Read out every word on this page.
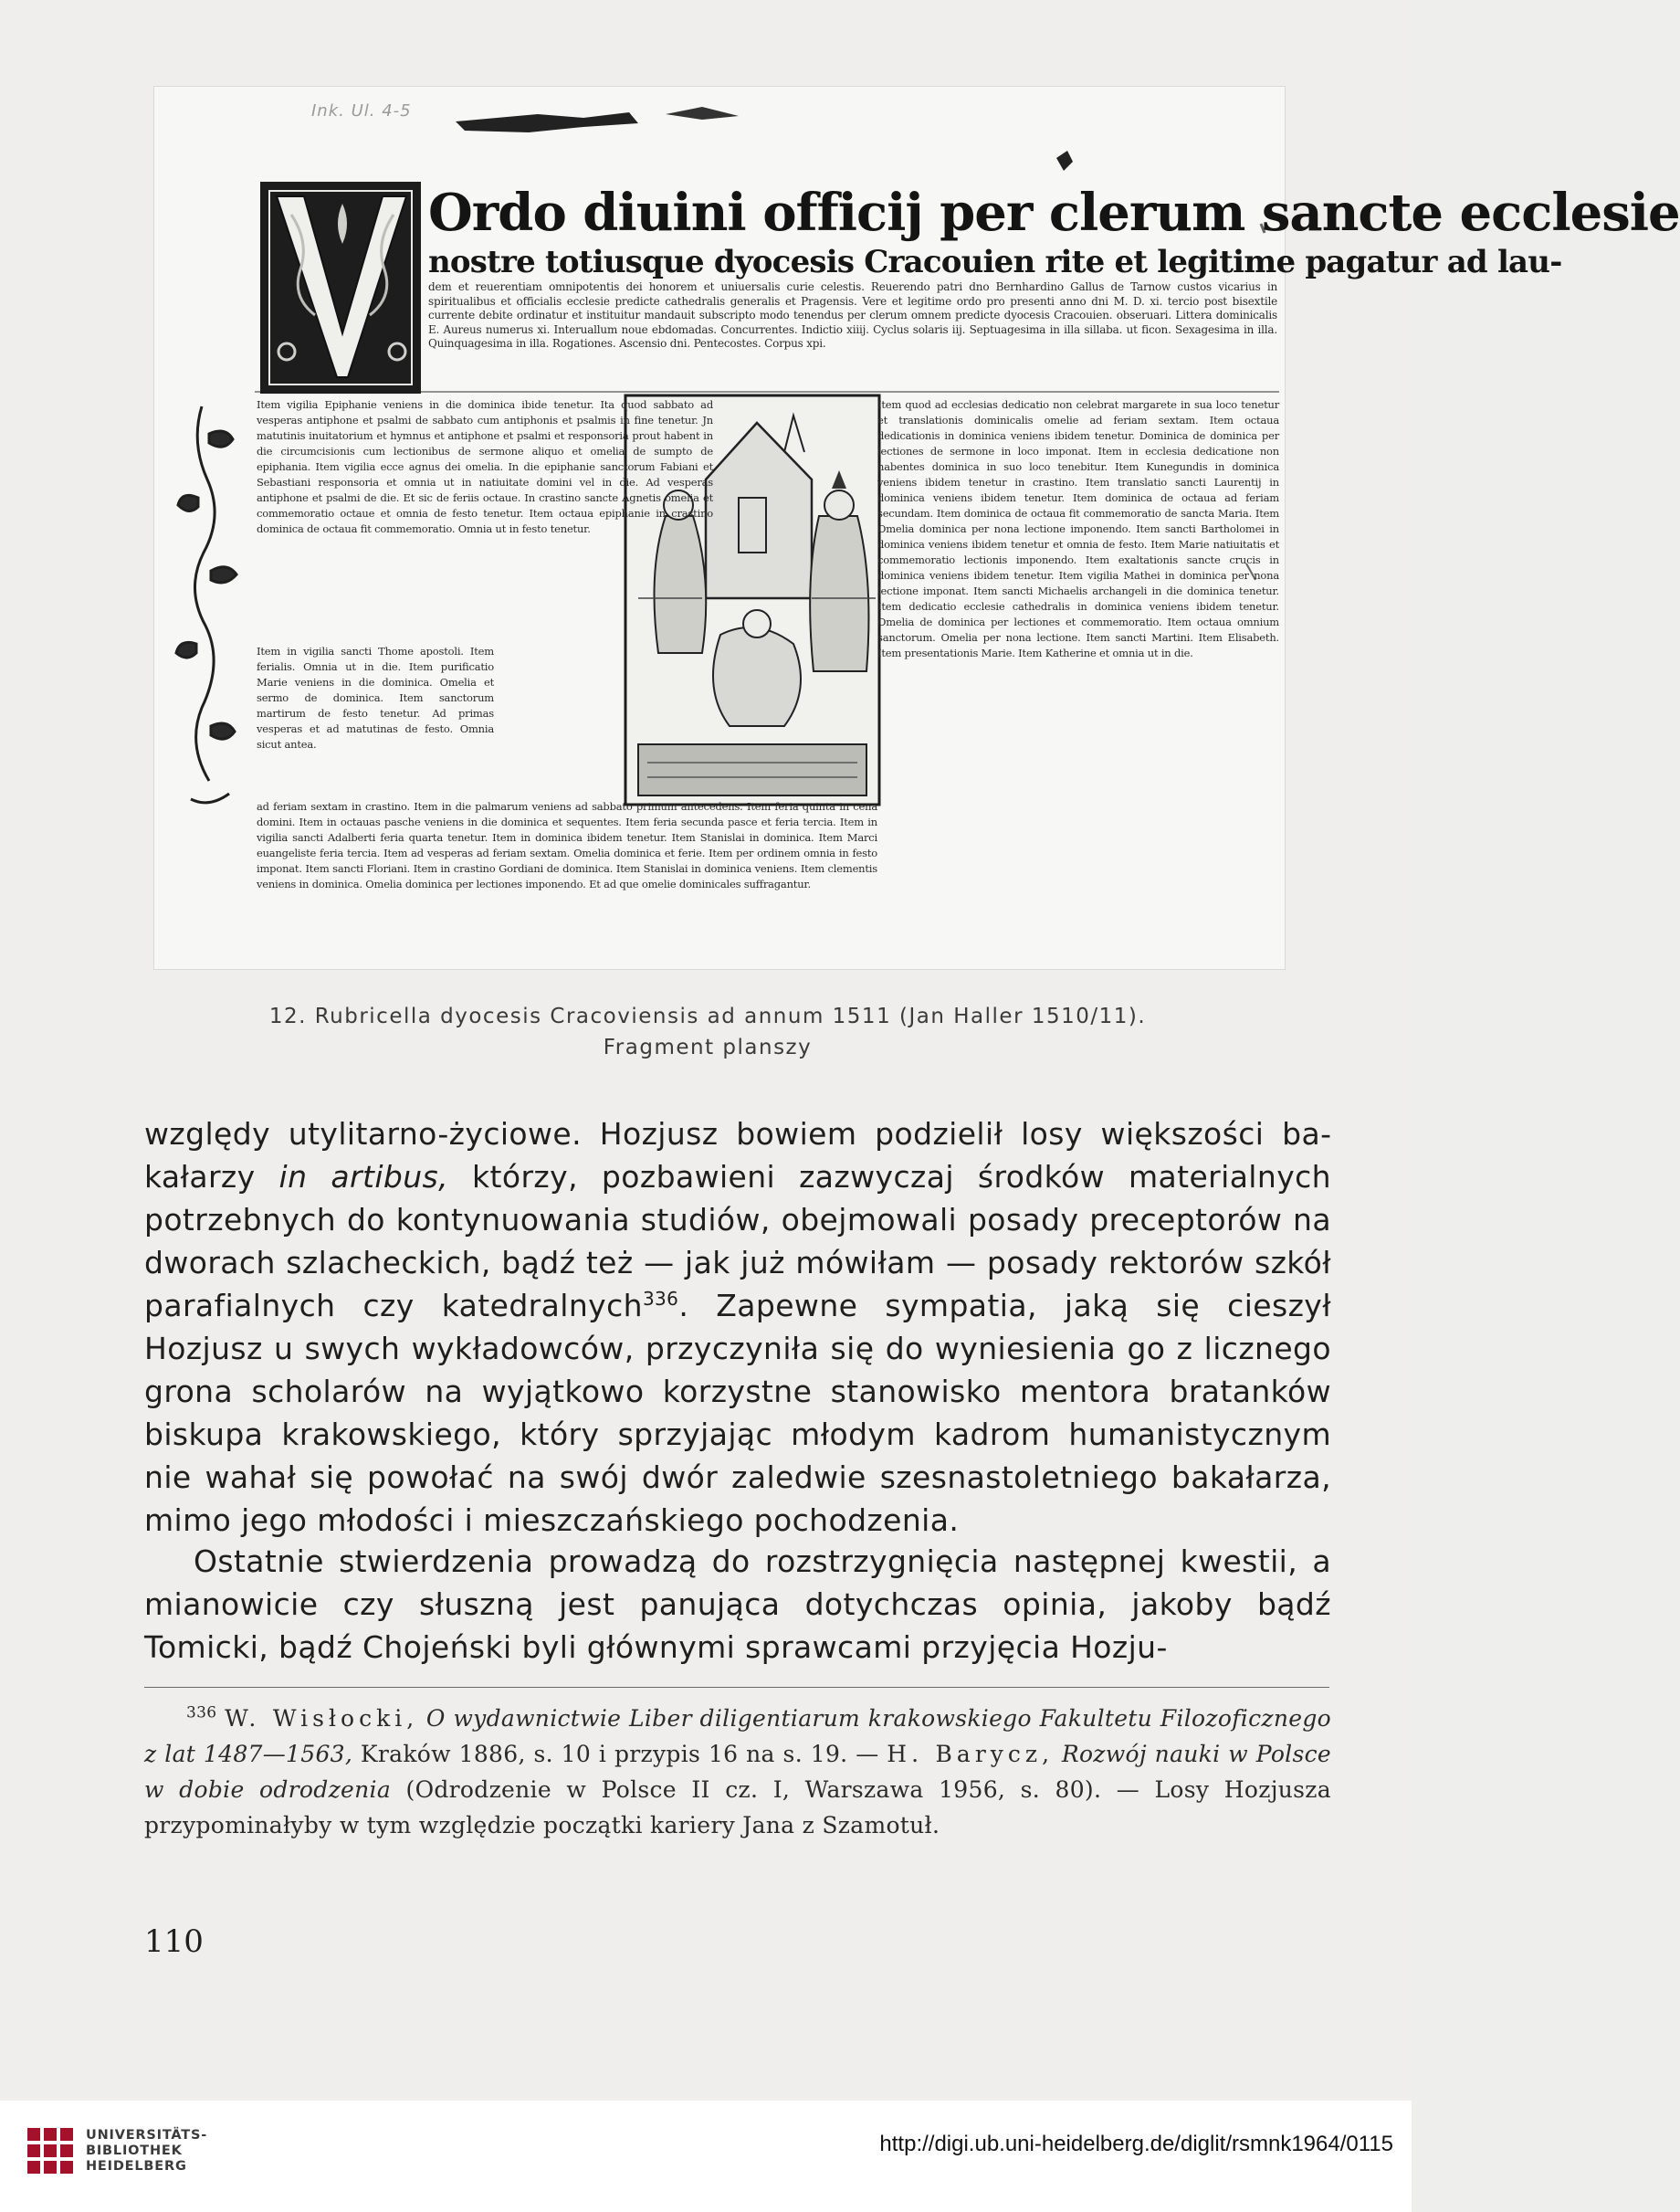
Ink. Ul. 4-5
Ordo diuini officij per clerum sancte ecclesie
nostre totiusque dyocesis Cracouien rite et legitime pagatur ad lau-
dem et reuerentiam omnipotentis dei honorem et uniuersalis curie celestis. Reuerendo patri dno Bernhardino Gallus de Tarnow custos vicarius in spiritualibus et officialis ecclesie predicte cathedralis generalis et Pragensis. Vere et legitime ordo pro presenti anno dni M. D. xi. tercio post bisextile currente debite ordinatur et instituitur mandauit subscripto modo tenendus per clerum omnem predicte dyocesis Cracouien. obseruari. Littera dominicalis E. Aureus numerus xi. Interuallum noue ebdomadas. Concurrentes. Indictio xiiij. Cyclus solaris iij. Septuagesima in illa sillaba. ut ficon. Sexagesima in illa. Quinquagesima in illa. Rogationes. Ascensio dni. Pentecostes. Corpus xpi.
Item vigilia Epiphanie veniens in die dominica ibide tenetur. Ita quod sabbato ad vesperas antiphone et psalmi de sabbato cum antiphonis et psalmis in fine tenetur. Jn matutinis inuitatorium et hymnus et antiphone et psalmi et responsoria prout habent in die circumcisionis cum lectionibus de sermone aliquo et omelia de sumpto de epiphania. Item vigilia ecce agnus dei omelia. In die epiphanie sanctorum Fabiani et Sebastiani responsoria et omnia ut in natiuitate domini vel in die. Ad vesperas antiphone et psalmi de die. Et sic de feriis octaue. In crastino sancte Agnetis omelia et commemoratio octaue et omnia de festo tenetur. Item octaua epiphanie in crastino dominica de octaua fit commemoratio. Omnia ut in festo tenetur.
Item in vigilia sancti Thome apostoli. Item ferialis. Omnia ut in die. Item purificatio Marie veniens in die dominica. Omelia et sermo de dominica. Item sanctorum martirum de festo tenetur. Ad primas vesperas et ad matutinas de festo. Omnia sicut antea.
Item quod ad ecclesias dedicatio non celebrat margarete in sua loco tenetur et translationis dominicalis omelie ad feriam sextam. Item octaua dedicationis in dominica veniens ibidem tenetur. Dominica de dominica per lectiones de sermone in loco imponat. Item in ecclesia dedicatione non habentes dominica in suo loco tenebitur. Item Kunegundis in dominica veniens ibidem tenetur in crastino. Item translatio sancti Laurentij in dominica veniens ibidem tenetur. Item dominica de octaua ad feriam secundam. Item dominica de octaua fit commemoratio de sancta Maria. Item Omelia dominica per nona lectione imponendo. Item sancti Bartholomei in dominica veniens ibidem tenetur et omnia de festo. Item Marie natiuitatis et commemoratio lectionis imponendo. Item exaltationis sancte crucis in dominica veniens ibidem tenetur. Item vigilia Mathei in dominica per nona lectione imponat. Item sancti Michaelis archangeli in die dominica tenetur. Item dedicatio ecclesie cathedralis in dominica veniens ibidem tenetur. Omelia de dominica per lectiones et commemoratio. Item octaua omnium sanctorum. Omelia per nona lectione. Item sancti Martini. Item Elisabeth. Item presentationis Marie. Item Katherine et omnia ut in die.
ad feriam sextam in crastino. Item in die palmarum veniens ad sabbato primum antecedens. Item feria quinta in cena domini. Item in octauas pasche veniens in die dominica et sequentes. Item feria secunda pasce et feria tercia. Item in vigilia sancti Adalberti feria quarta tenetur. Item in dominica ibidem tenetur. Item Stanislai in dominica. Item Marci euangeliste feria tercia. Item ad vesperas ad feriam sextam. Omelia dominica et ferie. Item per ordinem omnia in festo imponat. Item sancti Floriani. Item in crastino Gordiani de dominica. Item Stanislai in dominica veniens. Item clementis veniens in dominica. Omelia dominica per lectiones imponendo. Et ad que omelie dominicales suffragantur.
12. Rubricella dyocesis Cracoviensis ad annum 1511 (Jan Haller 1510/11).
Fragment planszy

względy utylitarno-życiowe. Hozjusz bowiem podzielił losy większości bakałarzy in artibus, którzy, pozbawieni zazwyczaj środków materialnych potrzebnych do kontynuowania studiów, obejmowali posady preceptorów na dworach szlacheckich, bądź też — jak już mówiłam — posady rektorów szkół parafialnych czy katedralnych$^{336}$. Zapewne sympatia, jaką się cieszył Hozjusz u swych wykładowców, przyczyniła się do wyniesienia go z licznego grona scholarów na wyjątkowo korzystne stanowisko mentora bratanków biskupa krakowskiego, który sprzyjając młodym kadrom humanistycznym nie wahał się powołać na swój dwór zaledwie szesnastoletniego bakałarza, mimo jego młodości i mieszczańskiego pochodzenia.

Ostatnie stwierdzenia prowadzą do rozstrzygnięcia następnej kwestii, a mianowicie czy słuszną jest panująca dotychczas opinia, jakoby bądź Tomicki, bądź Chojeński byli głównymi sprawcami przyjęcia Hozju-

$^{336}$ W. Wisłocki, O wydawnictwie Liber diligentiarum krakowskiego Fakultetu Filozoficznego z lat 1487—1563, Kraków 1886, s. 10 i przypis 16 na s. 19. — H. Barycz, Rozwój nauki w Polsce w dobie odrodzenia (Odrodzenie w Polsce II cz. I, Warszawa 1956, s. 80). — Losy Hozjusza przypominałyby w tym względzie początki kariery Jana z Szamotuł.

110
UNIVERSITÄTS-
BIBLIOTHEK
HEIDELBERG
http://digi.ub.uni-heidelberg.de/diglit/rsmnk1964/0115
